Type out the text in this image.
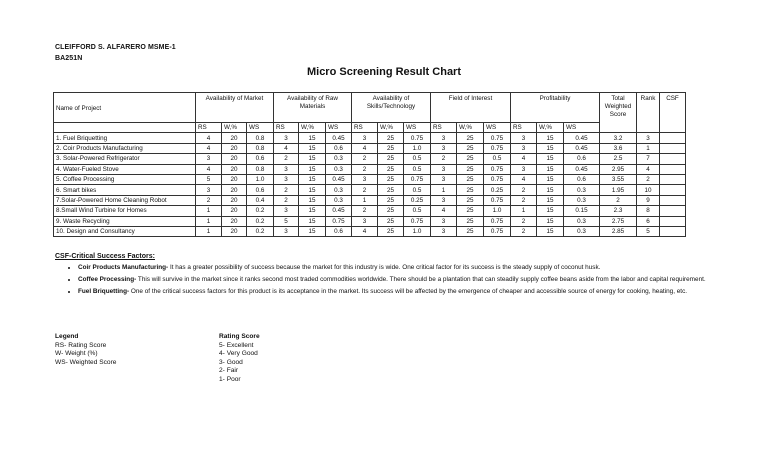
CLEIFFORD S. ALFARERO MSME-1
BA251N
Micro Screening Result Chart
Name of Project	Availability of Market			Availability of Raw Materials			Availability of Skills/Technology			Field of Interest			Profitability			Total Weighted Score	Rank	CSF
	RS	W,%	WS	RS	W,%	WS	RS	W,%	WS	RS	W,%	WS	RS	W,%	WS			
1. Fuel Briquetting	4	20	0.8	3	15	0.45	3	25	0.75	3	25	0.75	3	15	0.45	3.2	3	
2. Coir Products Manufacturing	4	20	0.8	4	15	0.6	4	25	1.0	3	25	0.75	3	15	0.45	3.6	1	
3. Solar-Powered Refrigerator	3	20	0.6	2	15	0.3	2	25	0.5	2	25	0.5	4	15	0.6	2.5	7	
4. Water-Fueled Stove	4	20	0.8	3	15	0.3	2	25	0.5	3	25	0.75	3	15	0.45	2.95	4	
5. Coffee Processing	5	20	1.0	3	15	0.45	3	25	0.75	3	25	0.75	4	15	0.6	3.55	2	
6. Smart bikes	3	20	0.6	2	15	0.3	2	25	0.5	1	25	0.25	2	15	0.3	1.95	10	
7.Solar-Powered Home Cleaning Robot	2	20	0.4	2	15	0.3	1	25	0.25	3	25	0.75	2	15	0.3	2	9	
8.Small Wind Turbine for Homes	1	20	0.2	3	15	0.45	2	25	0.5	4	25	1.0	1	15	0.15	2.3	8	
9. Waste Recycling	1	20	0.2	5	15	0.75	3	25	0.75	3	25	0.75	2	15	0.3	2.75	6	
10. Design and Consultancy	1	20	0.2	3	15	0.6	4	25	1.0	3	25	0.75	2	15	0.3	2.85	5	
CSF-Critical Success Factors:
• Coir Products Manufacturing- It has a greater possibility of success because the market for this industry is wide. One critical factor for its success is the steady supply of coconut husk.
• Coffee Processing- This will survive in the market since it ranks second most traded commodities worldwide. There should be a plantation that can steadily supply coffee beans aside from the labor and capital requirement.
• Fuel Briquetting- One of the critical success factors for this product is its acceptance in the market. Its success will be affected by the emergence of cheaper and accessible source of energy for cooking, heating, etc.
Legend
RS- Rating Score
W- Weight (%)
WS- Weighted Score
Rating Score
5- Excellent
4- Very Good
3- Good
2- Fair
1- Poor
